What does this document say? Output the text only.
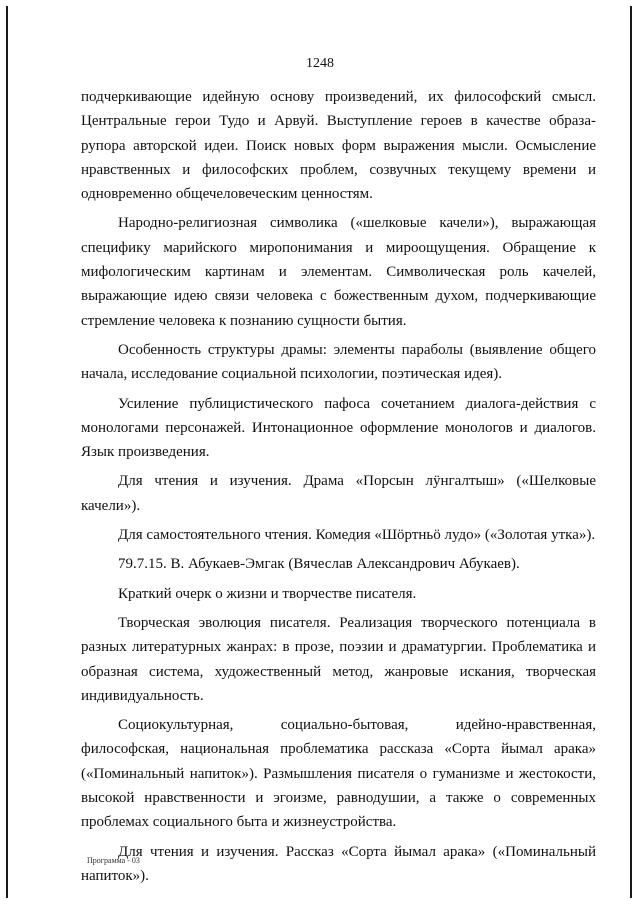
1248

подчеркивающие идейную основу произведений, их философский смысл. Центральные герои Тудо и Арвуй. Выступление героев в качестве образа-рупора авторской идеи. Поиск новых форм выражения мысли. Осмысление нравственных и философских проблем, созвучных текущему времени и одновременно общечеловеческим ценностям.

Народно-религиозная символика («шелковые качели»), выражающая специфику марийского миропонимания и мироощущения. Обращение к мифологическим картинам и элементам. Символическая роль качелей, выражающие идею связи человека с божественным духом, подчеркивающие стремление человека к познанию сущности бытия.

Особенность структуры драмы: элементы параболы (выявление общего начала, исследование социальной психологии, поэтическая идея).

Усиление публицистического пафоса сочетанием диалога-действия с монологами персонажей. Интонационное оформление монологов и диалогов. Язык произведения.

Для чтения и изучения. Драма «Порсын лӱнгалтыш» («Шелковые качели»).

Для самостоятельного чтения. Комедия «Шӧртньӧ лудо» («Золотая утка»).

79.7.15. В. Абукаев-Эмгак (Вячеслав Александрович Абукаев).

Краткий очерк о жизни и творчестве писателя.

Творческая эволюция писателя. Реализация творческого потенциала в разных литературных жанрах: в прозе, поэзии и драматургии. Проблематика и образная система, художественный метод, жанровые искания, творческая индивидуальность.

Социокультурная, социально-бытовая, идейно-нравственная, философская, национальная проблематика рассказа «Сорта йымал арака» («Поминальный напиток»). Размышления писателя о гуманизме и жестокости, высокой нравственности и эгоизме, равнодушии, а также о современных проблемах социального быта и жизнеустройства.

Для чтения и изучения. Рассказ «Сорта йымал арака» («Поминальный напиток»).

Программа - 03
